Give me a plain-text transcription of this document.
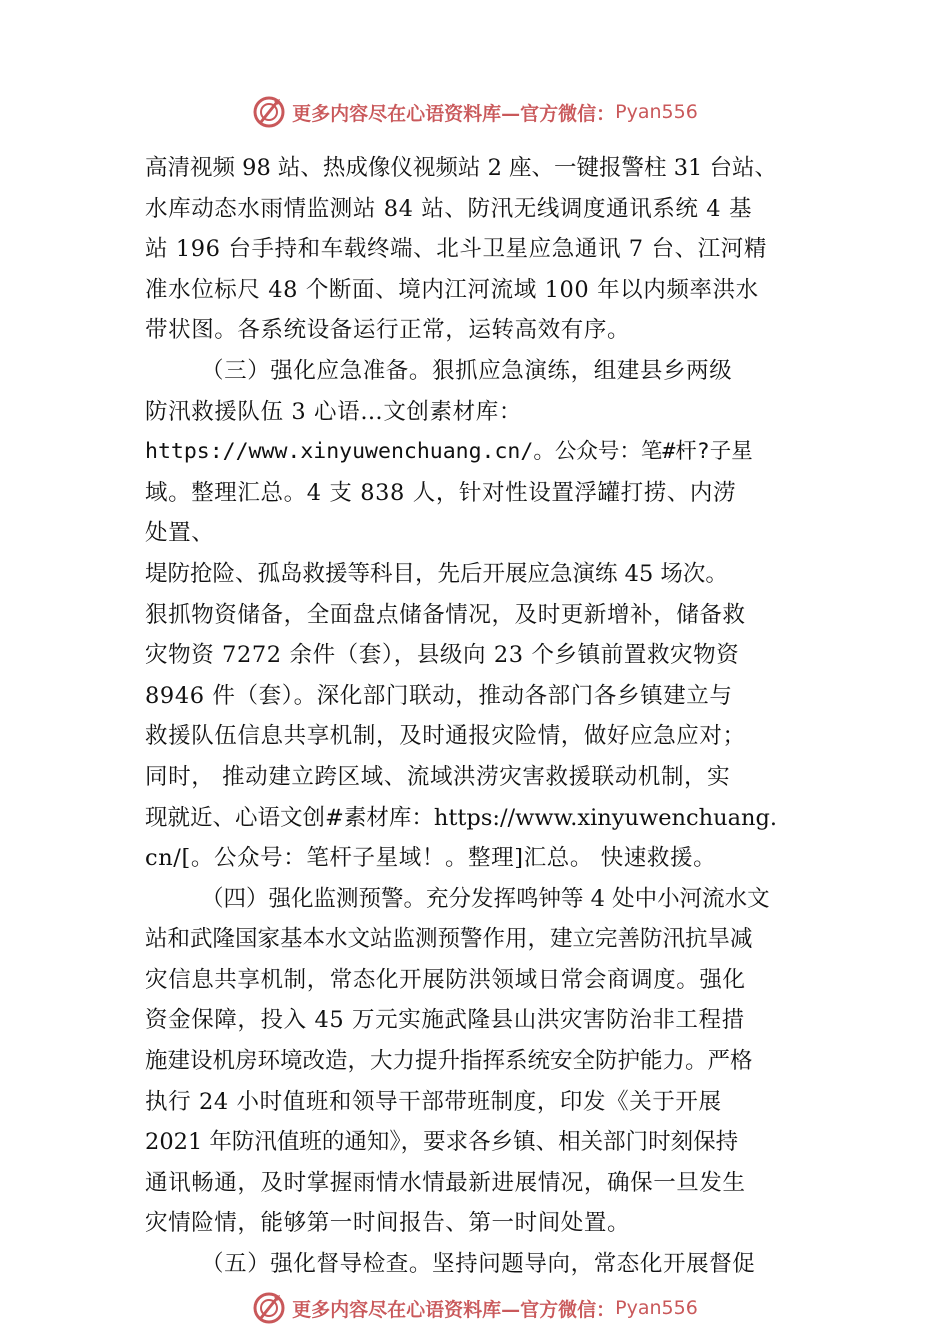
更多内容尽在心语资料库—官方微信： Pyan556
高清视频 98 站、热成像仪视频站 2 座、一键报警柱 31 台站、
水库动态水雨情监测站 84 站、防汛无线调度通讯系统 4 基
站 196 台手持和车载终端、北斗卫星应急通讯 7 台、江河精
准水位标尺 48 个断面、境内江河流域 100 年以内频率洪水
带状图。各系统设备运行正常，运转高效有序。
（三）强化应急准备。狠抓应急演练，组建县乡两级
防汛救援队伍 3 心语…文创素材库：
https://www.xinyuwenchuang.cn/。公众号：笔#杆?子星
域。整理汇总。4 支 838 人，针对性设置浮罐打捞、内涝
处置、
堤防抢险、孤岛救援等科目，先后开展应急演练 45 场次。
狠抓物资储备，全面盘点储备情况，及时更新增补，储备救
灾物资 7272 余件（套），县级向 23 个乡镇前置救灾物资
8946 件（套）。深化部门联动，推动各部门各乡镇建立与
救援队伍信息共享机制，及时通报灾险情，做好应急应对；
同时， 推动建立跨区域、流域洪涝灾害救援联动机制，实
现就近、心语文创#素材库：https://www.xinyuwenchuang.
cn/[。公众号：笔杆子星域！。整理]汇总。 快速救援。
（四）强化监测预警。充分发挥鸣钟等 4 处中小河流水文
站和武隆国家基本水文站监测预警作用，建立完善防汛抗旱减
灾信息共享机制，常态化开展防洪领域日常会商调度。强化
资金保障，投入 45 万元实施武隆县山洪灾害防治非工程措
施建设机房环境改造，大力提升指挥系统安全防护能力。严格
执行 24 小时值班和领导干部带班制度，印发《关于开展
2021 年防汛值班的通知》，要求各乡镇、相关部门时刻保持
通讯畅通，及时掌握雨情水情最新进展情况，确保一旦发生
灾情险情，能够第一时间报告、第一时间处置。
（五）强化督导检查。坚持问题导向，常态化开展督促
更多内容尽在心语资料库—官方微信： Pyan556
